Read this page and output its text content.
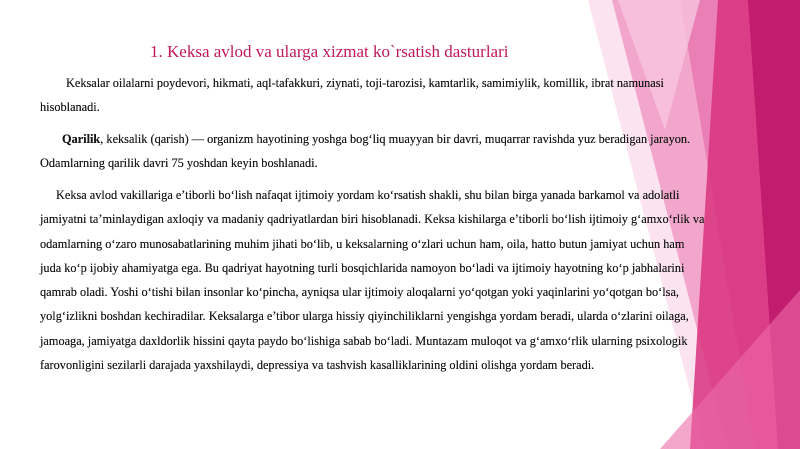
1. Keksa avlod va ularga xizmat ko`rsatish dasturlari
Keksalar oilalarni poydevori, hikmati, aql-tafakkuri, ziynati, toji-tarozisi, kamtarlik, samimiylik, komillik, ibrat namunasi hisoblanadi.
Qarilik, keksalik (qarish) — organizm hayotining yoshga bog‘liq muayyan bir davri, muqarrar ravishda yuz beradigan jarayon. Odamlarning qarilik davri 75 yoshdan keyin boshlanadi.
Keksa avlod vakillariga e’tiborli bo‘lish nafaqat ijtimoiy yordam ko‘rsatish shakli, shu bilan birga yanada barkamol va adolatli jamiyatni ta’minlaydigan axloqiy va madaniy qadriyatlardan biri hisoblanadi. Keksa kishilarga e’tiborli bo‘lish ijtimoiy g‘amxo‘rlik va odamlarning o‘zaro munosabatlarining muhim jihati bo‘lib, u keksalarning o‘zlari uchun ham, oila, hatto butun jamiyat uchun ham juda ko‘p ijobiy ahamiyatga ega. Bu qadriyat hayotning turli bosqichlarida namoyon bo‘ladi va ijtimoiy hayotning ko‘p jabhalarini qamrab oladi. Yoshi o‘tishi bilan insonlar ko‘pincha, ayniqsa ular ijtimoiy aloqalarni yo‘qotgan yoki yaqinlarini yo‘qotgan bo‘lsa, yolg‘izlikni boshdan kechiradilar. Keksalarga e’tibor ularga hissiy qiyinchiliklarni yengishga yordam beradi, ularda o‘zlarini oilaga, jamoaga, jamiyatga daxldorlik hissini qayta paydo bo‘lishiga sabab bo‘ladi. Muntazam muloqot va g‘amxo‘rlik ularning psixologik farovonligini sezilarli darajada yaxshilaydi, depressiya va tashvish kasalliklarining oldini olishga yordam beradi.
